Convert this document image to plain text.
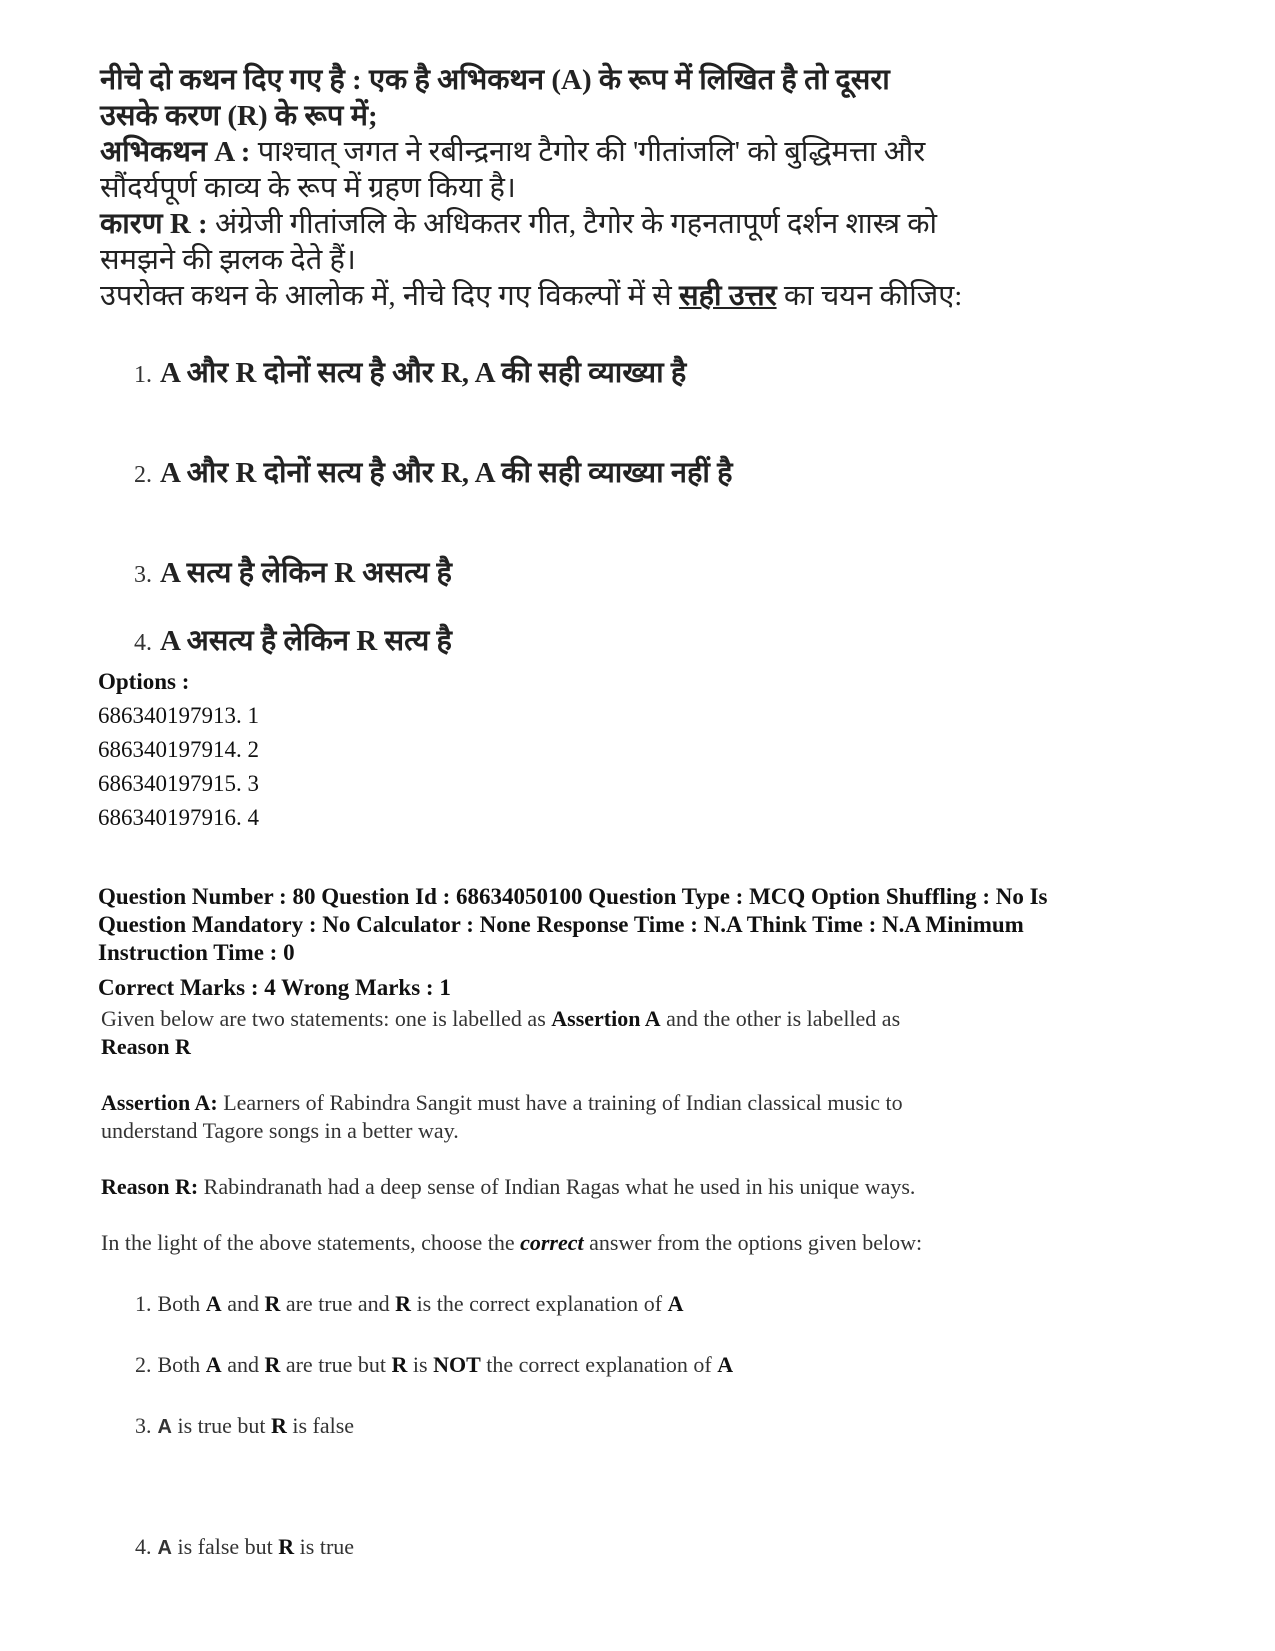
नीचे दो कथन दिए गए है : एक है अभिकथन (A) के रूप में लिखित है तो दूसरा
उसके करण (R) के रूप में;
अभिकथन A : पाश्चात् जगत ने रबीन्द्रनाथ टैगोर की 'गीतांजलि' को बुद्धिमत्ता और
सौंदर्यपूर्ण काव्य के रूप में ग्रहण किया है।
कारण R : अंग्रेजी गीतांजलि के अधिकतर गीत, टैगोर के गहनतापूर्ण दर्शन शास्त्र को
समझने की झलक देते हैं।
उपरोक्त कथन के आलोक में, नीचे दिए गए विकल्पों में से सही उत्तर का चयन कीजिए:
1. A और R दोनों सत्य है और R, A की सही व्याख्या है
2. A और R दोनों सत्य है और R, A की सही व्याख्या नहीं है
3. A सत्य है लेकिन R असत्य है
4. A असत्य है लेकिन R सत्य है
Options :
686340197913. 1
686340197914. 2
686340197915. 3
686340197916. 4
Question Number : 80 Question Id : 68634050100 Question Type : MCQ Option Shuffling : No Is
Question Mandatory : No Calculator : None Response Time : N.A Think Time : N.A Minimum
Instruction Time : 0
Correct Marks : 4 Wrong Marks : 1
Given below are two statements: one is labelled as Assertion A and the other is labelled as
Reason R
Assertion A: Learners of Rabindra Sangit must have a training of Indian classical music to
understand Tagore songs in a better way.
Reason R: Rabindranath had a deep sense of Indian Ragas what he used in his unique ways.
In the light of the above statements, choose the correct answer from the options given below:
1. Both A and R are true and R is the correct explanation of A
2. Both A and R are true but R is NOT the correct explanation of A
3. A is true but R is false
4. A is false but R is true
